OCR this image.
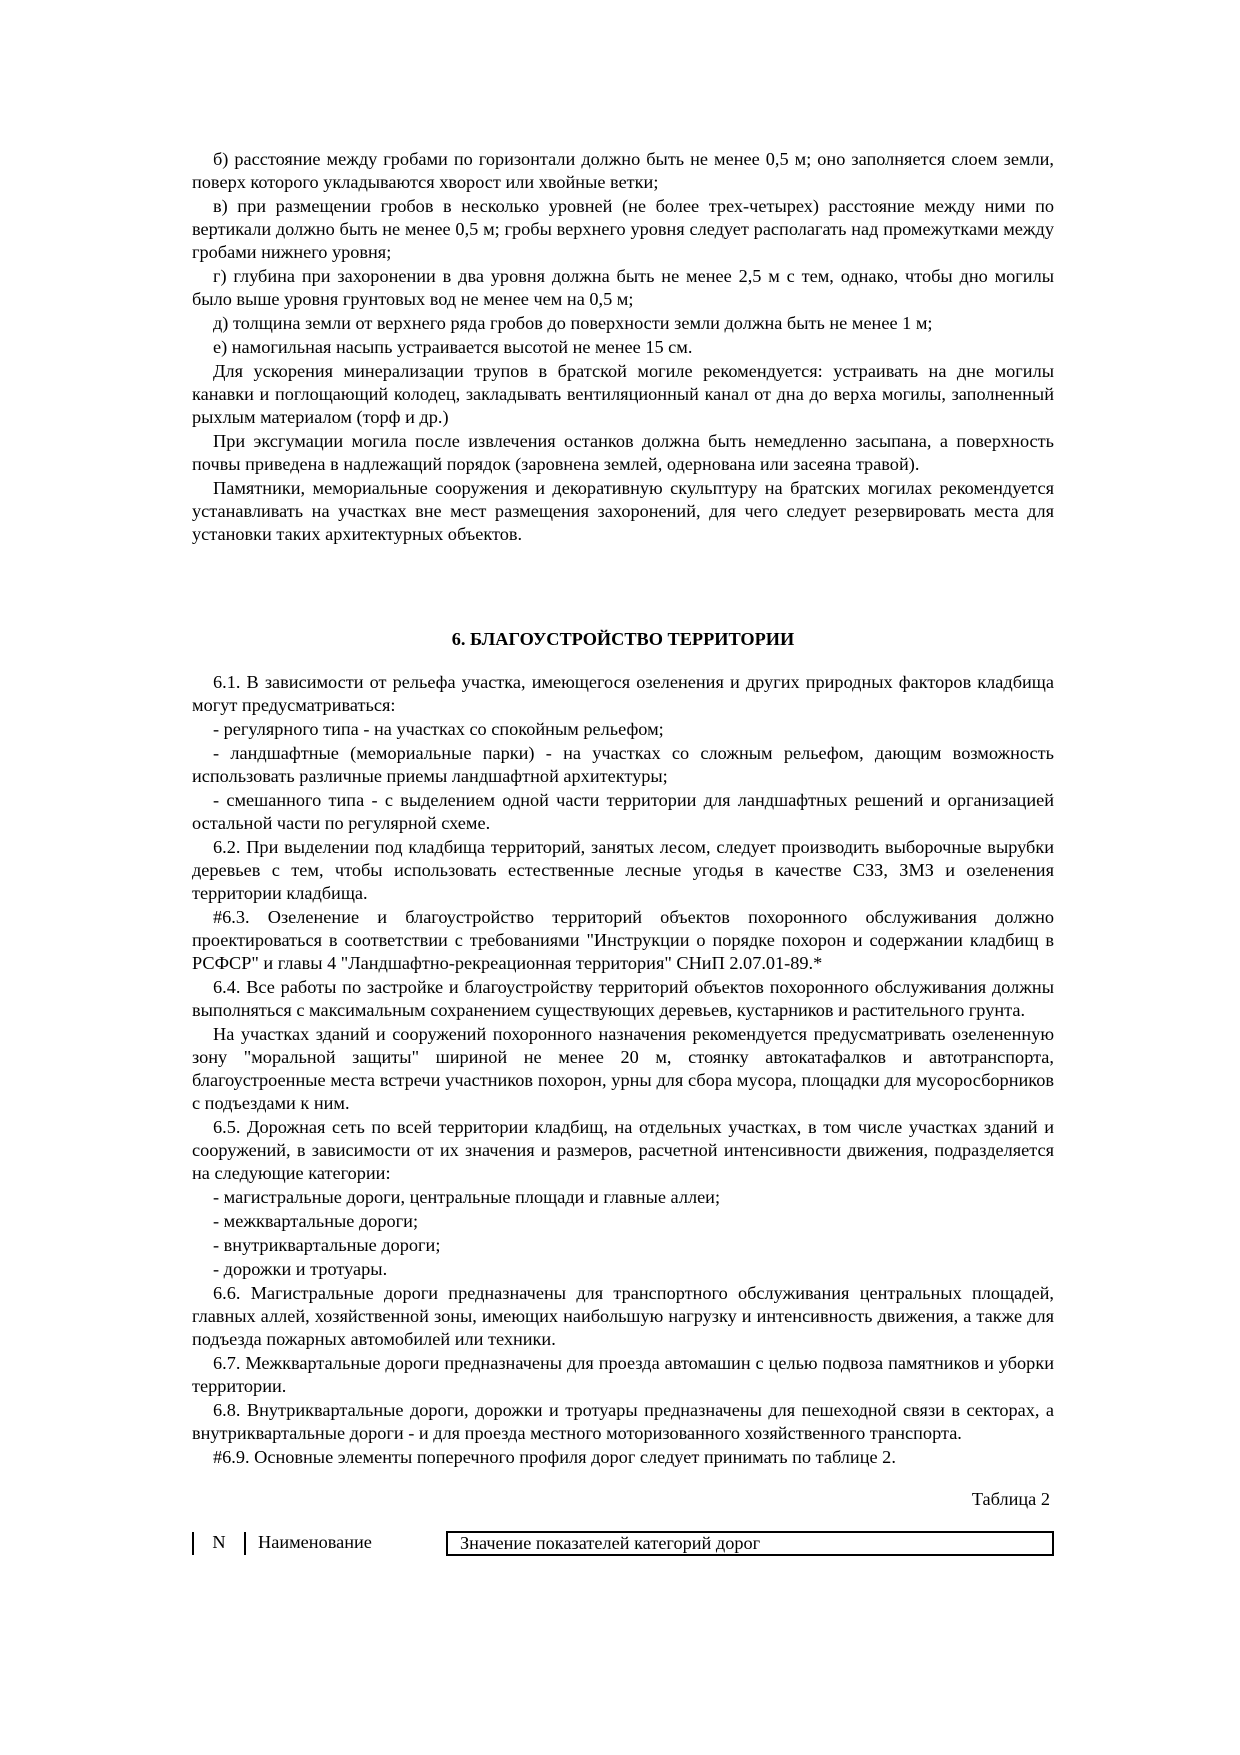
б) расстояние между гробами по горизонтали должно быть не менее 0,5 м; оно заполняется слоем земли, поверх которого укладываются хворост или хвойные ветки;

в) при размещении гробов в несколько уровней (не более трех-четырех) расстояние между ними по вертикали должно быть не менее 0,5 м; гробы верхнего уровня следует располагать над промежутками между гробами нижнего уровня;

г) глубина при захоронении в два уровня должна быть не менее 2,5 м с тем, однако, чтобы дно могилы было выше уровня грунтовых вод не менее чем на 0,5 м;

д) толщина земли от верхнего ряда гробов до поверхности земли должна быть не менее 1 м;

е) намогильная насыпь устраивается высотой не менее 15 см.

Для ускорения минерализации трупов в братской могиле рекомендуется: устраивать на дне могилы канавки и поглощающий колодец, закладывать вентиляционный канал от дна до верха могилы, заполненный рыхлым материалом (торф и др.)

При эксгумации могила после извлечения останков должна быть немедленно засыпана, а поверхность почвы приведена в надлежащий порядок (заровнена землей, одернована или засеяна травой).

Памятники, мемориальные сооружения и декоративную скульптуру на братских могилах рекомендуется устанавливать на участках вне мест размещения захоронений, для чего следует резервировать места для установки таких архитектурных объектов.

6. БЛАГОУСТРОЙСТВО ТЕРРИТОРИИ

6.1. В зависимости от рельефа участка, имеющегося озеленения и других природных факторов кладбища могут предусматриваться:

- регулярного типа - на участках со спокойным рельефом;

- ландшафтные (мемориальные парки) - на участках со сложным рельефом, дающим возможность использовать различные приемы ландшафтной архитектуры;

- смешанного типа - с выделением одной части территории для ландшафтных решений и организацией остальной части по регулярной схеме.

6.2. При выделении под кладбища территорий, занятых лесом, следует производить выборочные вырубки деревьев с тем, чтобы использовать естественные лесные угодья в качестве СЗЗ, ЗМЗ и озеленения территории кладбища.

#6.3. Озеленение и благоустройство территорий объектов похоронного обслуживания должно проектироваться в соответствии с требованиями "Инструкции о порядке похорон и содержании кладбищ в РСФСР" и главы 4 "Ландшафтно-рекреационная территория" СНиП 2.07.01-89.*

6.4. Все работы по застройке и благоустройству территорий объектов похоронного обслуживания должны выполняться с максимальным сохранением существующих деревьев, кустарников и растительного грунта.

На участках зданий и сооружений похоронного назначения рекомендуется предусматривать озелененную зону "моральной защиты" шириной не менее 20 м, стоянку автокатафалков и автотранспорта, благоустроенные места встречи участников похорон, урны для сбора мусора, площадки для мусоросборников с подъездами к ним.

6.5. Дорожная сеть по всей территории кладбищ, на отдельных участках, в том числе участках зданий и сооружений, в зависимости от их значения и размеров, расчетной интенсивности движения, подразделяется на следующие категории:

- магистральные дороги, центральные площади и главные аллеи;

- межквартальные дороги;

- внутриквартальные дороги;

- дорожки и тротуары.

6.6. Магистральные дороги предназначены для транспортного обслуживания центральных площадей, главных аллей, хозяйственной зоны, имеющих наибольшую нагрузку и интенсивность движения, а также для подъезда пожарных автомобилей или техники.

6.7. Межквартальные дороги предназначены для проезда автомашин с целью подвоза памятников и уборки территории.

6.8. Внутриквартальные дороги, дорожки и тротуары предназначены для пешеходной связи в секторах, а внутриквартальные дороги - и для проезда местного моторизованного хозяйственного транспорта.

#6.9. Основные элементы поперечного профиля дорог следует принимать по таблице 2.

Таблица 2
N	Наименование	Значение показателей категорий дорог
